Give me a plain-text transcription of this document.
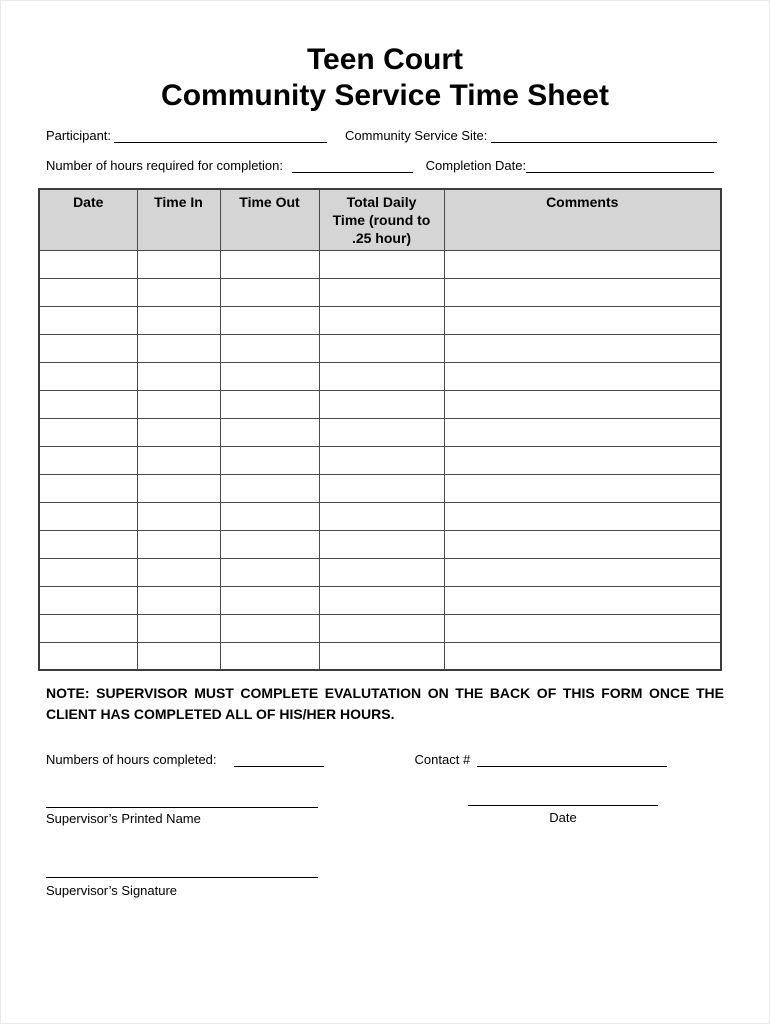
Teen Court
Community Service Time Sheet
Participant:	Community Service Site:
Number of hours required for completion:	Completion Date:
Date	Time In	Time Out	Total Daily Time (round to .25 hour)	Comments

NOTE: SUPERVISOR MUST COMPLETE EVALUTATION ON THE BACK OF THIS FORM ONCE THE CLIENT HAS COMPLETED ALL OF HIS/HER HOURS.
Numbers of hours completed:	Contact #
Supervisor’s Printed Name	Date
Supervisor’s Signature
